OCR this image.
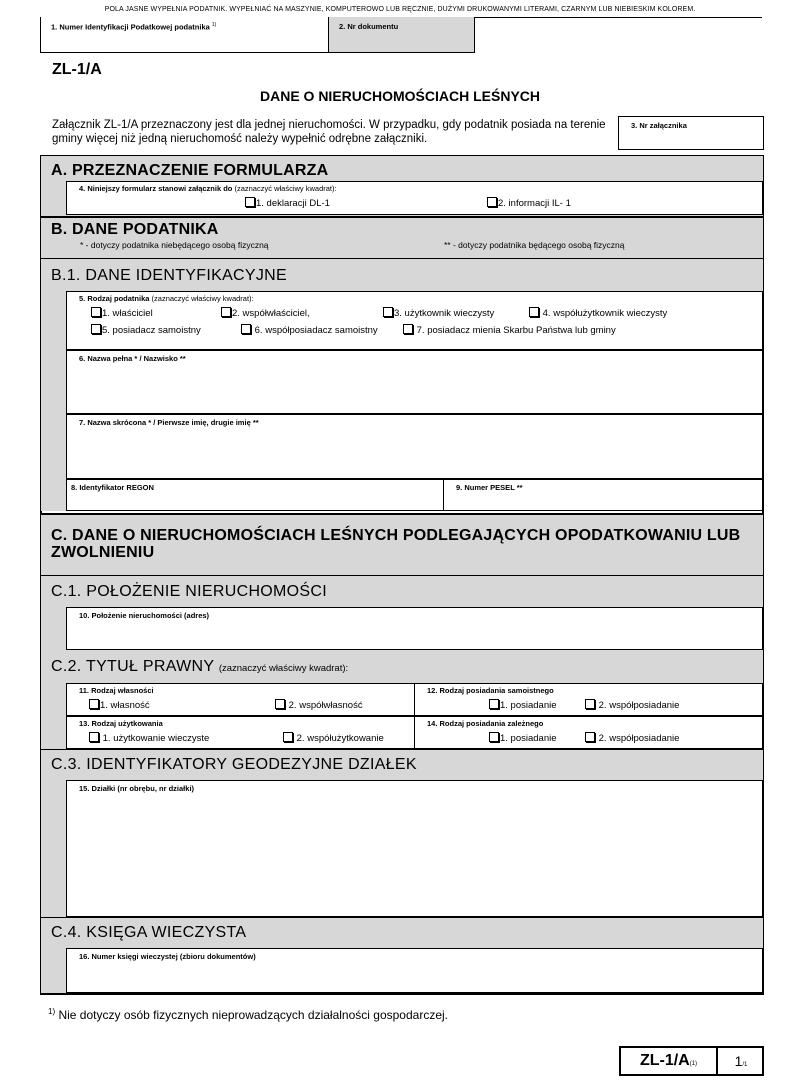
POLA JASNE WYPEŁNIA PODATNIK. WYPEŁNIAĆ NA MASZYNIE, KOMPUTEROWO LUB RĘCZNIE, DUŻYMI DRUKOWANYMI LITERAMI, CZARNYM LUB NIEBIESKIM KOLOREM.
1. Numer Identyfikacji Podatkowej podatnika $^{1)}$	2. Nr dokumentu
ZL-1/A
DANE O NIERUCHOMOŚCIACH LEŚNYCH
Załącznik ZL-1/A przeznaczony jest dla jednej nieruchomości. W przypadku, gdy podatnik posiada na terenie gminy więcej niż jedną nieruchomość należy wypełnić odrębne załączniki.
3. Nr załącznika
A. PRZEZNACZENIE FORMULARZA
4. Niniejszy formularz stanowi załącznik do (zaznaczyć właściwy kwadrat):
1. deklaracji DL-1	2. informacji IL- 1
B. DANE PODATNIKA
* - dotyczy podatnika niebędącego osobą fizyczną	** - dotyczy podatnika będącego osobą fizyczną
B.1. DANE IDENTYFIKACYJNE
5. Rodzaj podatnika (zaznaczyć właściwy kwadrat):
1. właściciel	2. współwłaściciel,	3. użytkownik wieczysty	4. współużytkownik wieczysty
5. posiadacz samoistny	6. współposiadacz samoistny	7. posiadacz mienia Skarbu Państwa lub gminy
6. Nazwa pełna * / Nazwisko **
7. Nazwa skrócona * / Pierwsze imię, drugie imię **
8. Identyfikator REGON	9. Numer PESEL **
C. DANE O NIERUCHOMOŚCIACH LEŚNYCH PODLEGAJĄCYCH OPODATKOWANIU LUB ZWOLNIENIU
C.1. POŁOŻENIE NIERUCHOMOŚCI
10. Położenie nieruchomości (adres)
C.2. TYTUŁ PRAWNY (zaznaczyć właściwy kwadrat):
11. Rodzaj własności
1. własność	2. współwłasność
12. Rodzaj posiadania samoistnego
1. posiadanie	2. współposiadanie
13. Rodzaj użytkowania
1. użytkowanie wieczyste	2. współużytkowanie
14. Rodzaj posiadania zależnego
1. posiadanie	2. współposiadanie
C.3. IDENTYFIKATORY GEODEZYJNE DZIAŁEK
15. Działki (nr obrębu, nr działki)
C.4. KSIĘGA WIECZYSTA
16. Numer księgi wieczystej (zbioru dokumentów)
$^{1)}$ Nie dotyczy osób fizycznych nieprowadzących działalności gospodarczej.
ZL-1/A(1)	1/1
